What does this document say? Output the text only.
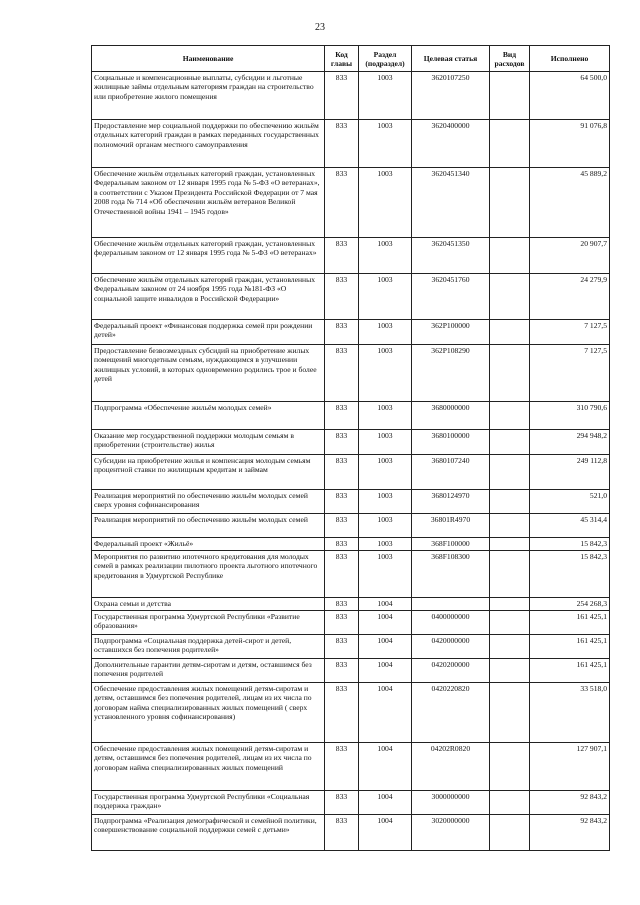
23
Наименование	Код главы	Раздел (подраздел)	Целевая статья	Вид расходов	Исполнено
Социальные и компенсационные выплаты, субсидии и льготные жилищные займы отдельным категориям граждан на строительство или приобретение жилого помещения	833	1003	3620107250		64 500,0
Предоставление мер социальной поддержки по обеспечению жильём отдельных категорий граждан в рамках переданных государственных полномочий органам местного самоуправления	833	1003	3620400000		91 076,8
Обеспечение жильём отдельных категорий граждан, установленных Федеральным законом от 12 января 1995 года № 5-ФЗ «О ветеранах», в соответствии с Указом Президента Российской Федерации от 7 мая 2008 года № 714 «Об обеспечении жильём ветеранов Великой Отечественной войны 1941 – 1945 годов»	833	1003	3620451340		45 889,2
Обеспечение жильём отдельных категорий граждан, установленных федеральным законом от 12 января 1995 года № 5-ФЗ «О ветеранах»	833	1003	3620451350		20 907,7
Обеспечение жильём отдельных категорий граждан, установленных Федеральным законом от 24 ноября 1995 года №181-ФЗ «О социальной защите инвалидов в Российской Федерации»	833	1003	3620451760		24 279,9
Федеральный проект «Финансовая поддержка семей при рождении детей»	833	1003	362P100000		7 127,5
Предоставление безвозмездных субсидий на приобретение жилых помещений многодетным семьям, нуждающимся в улучшении жилищных условий, в которых одновременно родились трое и более детей	833	1003	362P108290		7 127,5
Подпрограмма «Обеспечение жильём молодых семей»	833	1003	3680000000		310 790,6
Оказание мер государственной поддержки молодым семьям в приобретении (строительстве) жилья	833	1003	3680100000		294 948,2
Субсидии на приобретение жилья и компенсация молодым семьям процентной ставки по жилищным кредитам и займам	833	1003	3680107240		249 112,8
Реализация мероприятий по обеспечению жильём молодых семей сверх уровня софинансирования	833	1003	3680124970		521,0
Реализация мероприятий по обеспечению жильём молодых семей	833	1003	36801R4970		45 314,4
Федеральный проект «Жильё»	833	1003	368F100000		15 842,3
Мероприятия по развитию ипотечного кредитования для молодых семей в рамках реализации пилотного проекта льготного ипотечного кредитования в Удмуртской Республике	833	1003	368F108300		15 842,3
Охрана семьи и детства	833	1004			254 268,3
Государственная программа Удмуртской Республики «Развитие образования»	833	1004	0400000000		161 425,1
Подпрограмма «Социальная поддержка детей-сирот и детей, оставшихся без попечения родителей»	833	1004	0420000000		161 425,1
Дополнительные гарантии детям-сиротам и детям, оставшимся без попечения родителей	833	1004	0420200000		161 425,1
Обеспечение предоставления жилых помещений детям-сиротам и детям, оставшимся без попечения родителей, лицам из их числа по договорам найма специализированных жилых помещений ( сверх установленного уровня софинансирования)	833	1004	0420220820		33 518,0
Обеспечение предоставления жилых помещений детям-сиротам и детям, оставшимся без попечения родителей, лицам из их числа по договорам найма специализированных жилых помещений	833	1004	04202R0820		127 907,1
Государственная программа Удмуртской Республики «Социальная поддержка граждан»	833	1004	3000000000		92 843,2
Подпрограмма «Реализация демографической и семейной политики, совершенствование социальной поддержки семей с детьми»	833	1004	3020000000		92 843,2
